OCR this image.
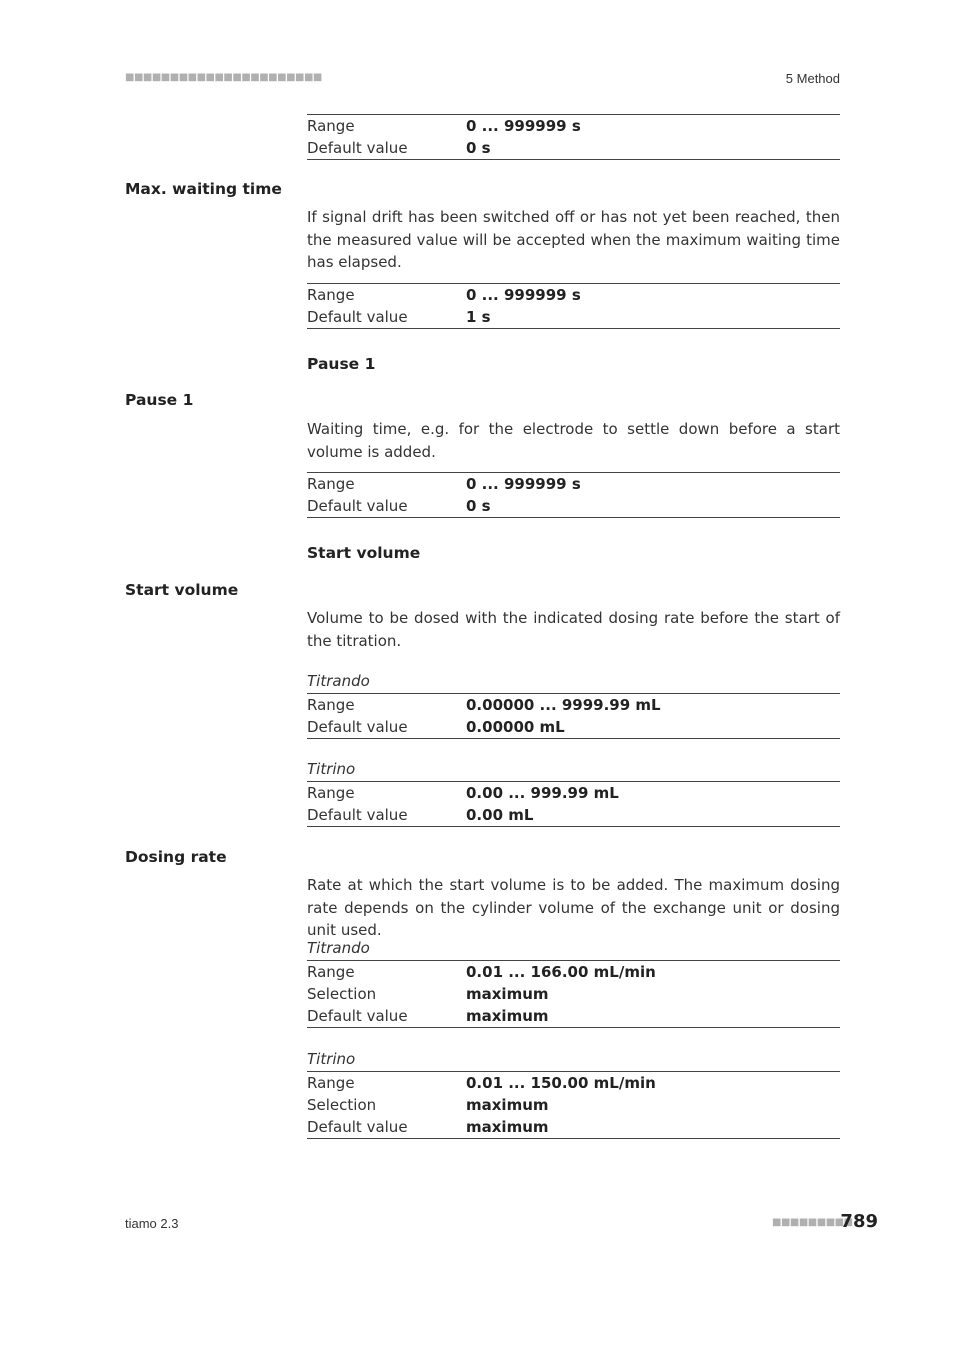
■■■■■■■■■■■■■■■■■■■■■■	5 Method
Range	0 ... 999999 s
Default value	0 s
Max. waiting time
If signal drift has been switched off or has not yet been reached, then the measured value will be accepted when the maximum waiting time has elapsed.
Range	0 ... 999999 s
Default value	1 s
Pause 1
Pause 1
Waiting time, e.g. for the electrode to settle down before a start volume is added.
Range	0 ... 999999 s
Default value	0 s
Start volume
Start volume
Volume to be dosed with the indicated dosing rate before the start of the titration.
Titrando
Range	0.00000 ... 9999.99 mL
Default value	0.00000 mL
Titrino
Range	0.00 ... 999.99 mL
Default value	0.00 mL
Dosing rate
Rate at which the start volume is to be added. The maximum dosing rate depends on the cylinder volume of the exchange unit or dosing unit used.
Titrando
Range	0.01 ... 166.00 mL/min
Selection	maximum
Default value	maximum
Titrino
Range	0.01 ... 150.00 mL/min
Selection	maximum
Default value	maximum
tiamo 2.3	■■■■■■■■■
789
